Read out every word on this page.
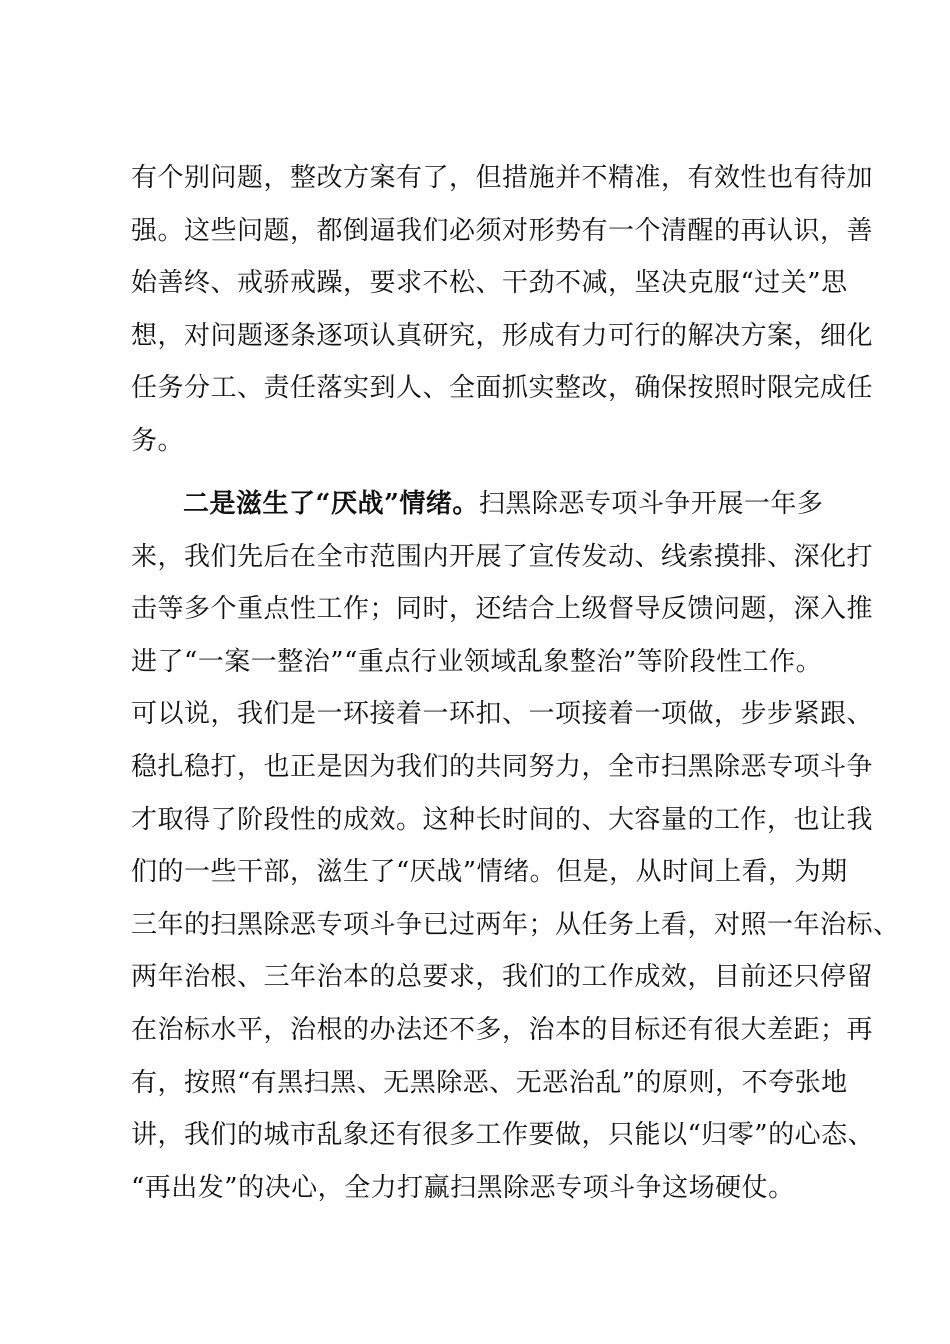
有个别问题，整改方案有了，但措施并不精准，有效性也有待加
强。这些问题，都倒逼我们必须对形势有一个清醒的再认识，善
始善终、戒骄戒躁，要求不松、干劲不减，坚决克服“过关”思
想，对问题逐条逐项认真研究，形成有力可行的解决方案，细化
任务分工、责任落实到人、全面抓实整改，确保按照时限完成任
务。
二是滋生了“厌战”情绪。扫黑除恶专项斗争开展一年多
来，我们先后在全市范围内开展了宣传发动、线索摸排、深化打
击等多个重点性工作；同时，还结合上级督导反馈问题，深入推
进了“一案一整治”“重点行业领域乱象整治”等阶段性工作。
可以说，我们是一环接着一环扣、一项接着一项做，步步紧跟、
稳扎稳打，也正是因为我们的共同努力，全市扫黑除恶专项斗争
才取得了阶段性的成效。这种长时间的、大容量的工作，也让我
们的一些干部，滋生了“厌战”情绪。但是，从时间上看，为期
三年的扫黑除恶专项斗争已过两年；从任务上看，对照一年治标、
两年治根、三年治本的总要求，我们的工作成效，目前还只停留
在治标水平，治根的办法还不多，治本的目标还有很大差距；再
有，按照“有黑扫黑、无黑除恶、无恶治乱”的原则，不夸张地
讲，我们的城市乱象还有很多工作要做，只能以“归零”的心态、
“再出发”的决心，全力打赢扫黑除恶专项斗争这场硬仗。
